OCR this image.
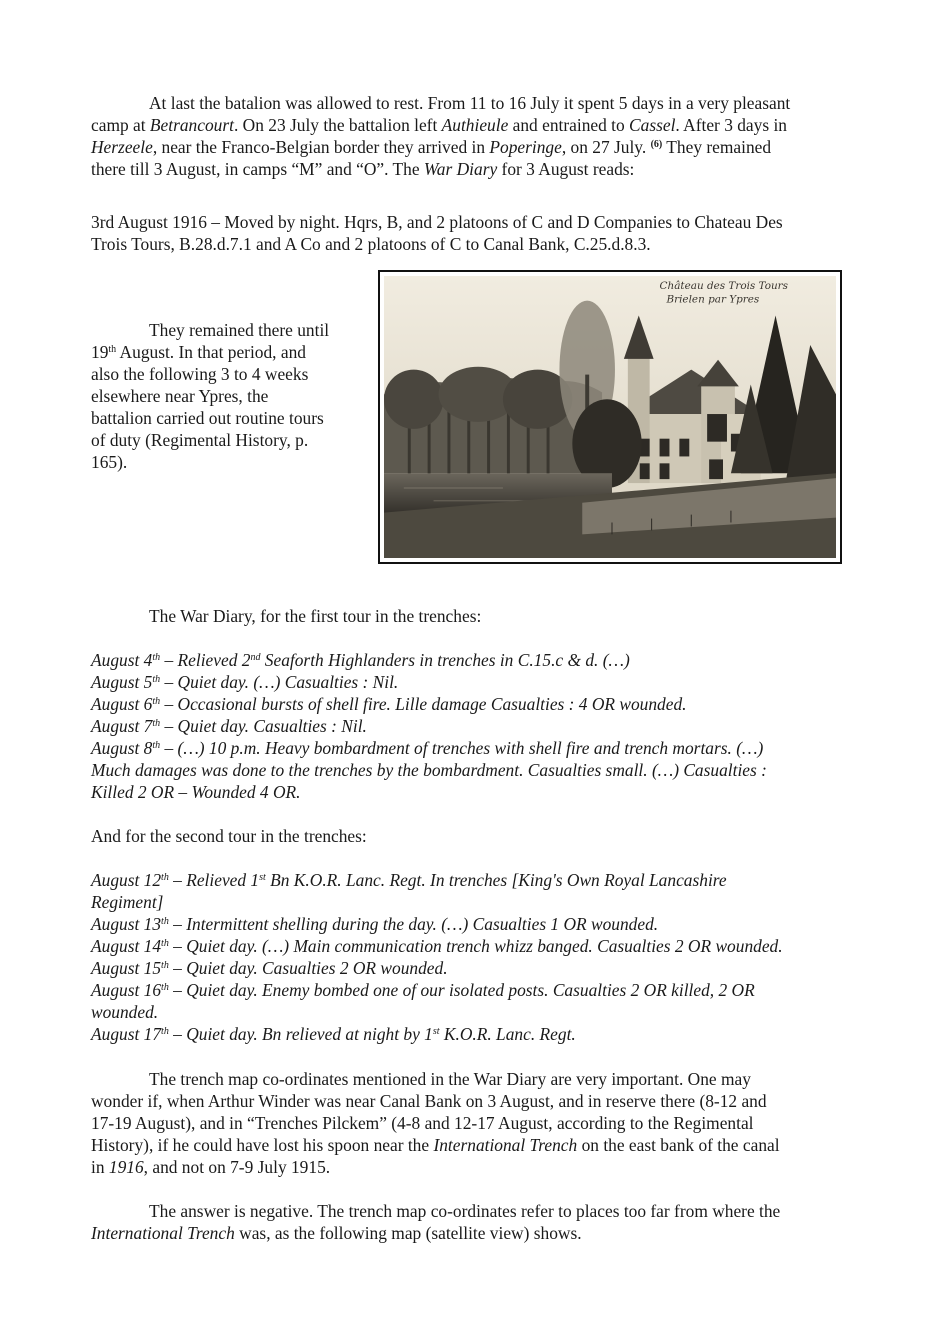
At last the batalion was allowed to rest. From 11 to 16 July it spent 5 days in a very pleasant
camp at Betrancourt. On 23 July the battalion left Authieule and entrained to Cassel. After 3 days in
Herzeele, near the Franco-Belgian border they arrived in Poperinge, on 27 July. $^{(6)}$ They remained
there till 3 August, in camps “M” and “O”. The War Diary for 3 August reads:
3rd August 1916 – Moved by night. Hqrs, B, and 2 platoons of C and D Companies to Chateau Des
Trois Tours, B.28.d.7.1 and A Co and 2 platoons of C to Canal Bank, C.25.d.8.3.
They remained there until
19th August. In that period, and
also the following 3 to 4 weeks
elsewhere near Ypres, the
battalion carried out routine tours
of duty (Regimental History, p.
165).
Château des Trois Tours
Brielen par Ypres
The War Diary, for the first tour in the trenches:
August 4th – Relieved 2nd Seaforth Highlanders in trenches in C.15.c & d. (…)
August 5th – Quiet day. (…) Casualties : Nil.
August 6th – Occasional bursts of shell fire. Lille damage Casualties : 4 OR wounded.
August 7th – Quiet day. Casualties : Nil.
August 8th – (…) 10 p.m. Heavy bombardment of trenches with shell fire and trench mortars. (…)
Much damages was done to the trenches by the bombardment. Casualties small. (…) Casualties :
Killed 2 OR – Wounded 4 OR.
And for the second tour in the trenches:
August 12th – Relieved 1st Bn K.O.R. Lanc. Regt. In trenches [King's Own Royal Lancashire
Regiment]
August 13th – Intermittent shelling during the day. (…) Casualties 1 OR wounded.
August 14th – Quiet day. (…) Main communication trench whizz banged. Casualties 2 OR wounded.
August 15th – Quiet day. Casualties 2 OR wounded.
August 16th – Quiet day. Enemy bombed one of our isolated posts. Casualties 2 OR killed, 2 OR
wounded.
August 17th – Quiet day. Bn relieved at night by 1st K.O.R. Lanc. Regt.
The trench map co-ordinates mentioned in the War Diary are very important. One may
wonder if, when Arthur Winder was near Canal Bank on 3 August, and in reserve there (8-12 and
17-19 August), and in “Trenches Pilckem” (4-8 and 12-17 August, according to the Regimental
History), if he could have lost his spoon near the International Trench on the east bank of the canal
in 1916, and not on 7-9 July 1915.
The answer is negative. The trench map co-ordinates refer to places too far from where the
International Trench was, as the following map (satellite view) shows.
